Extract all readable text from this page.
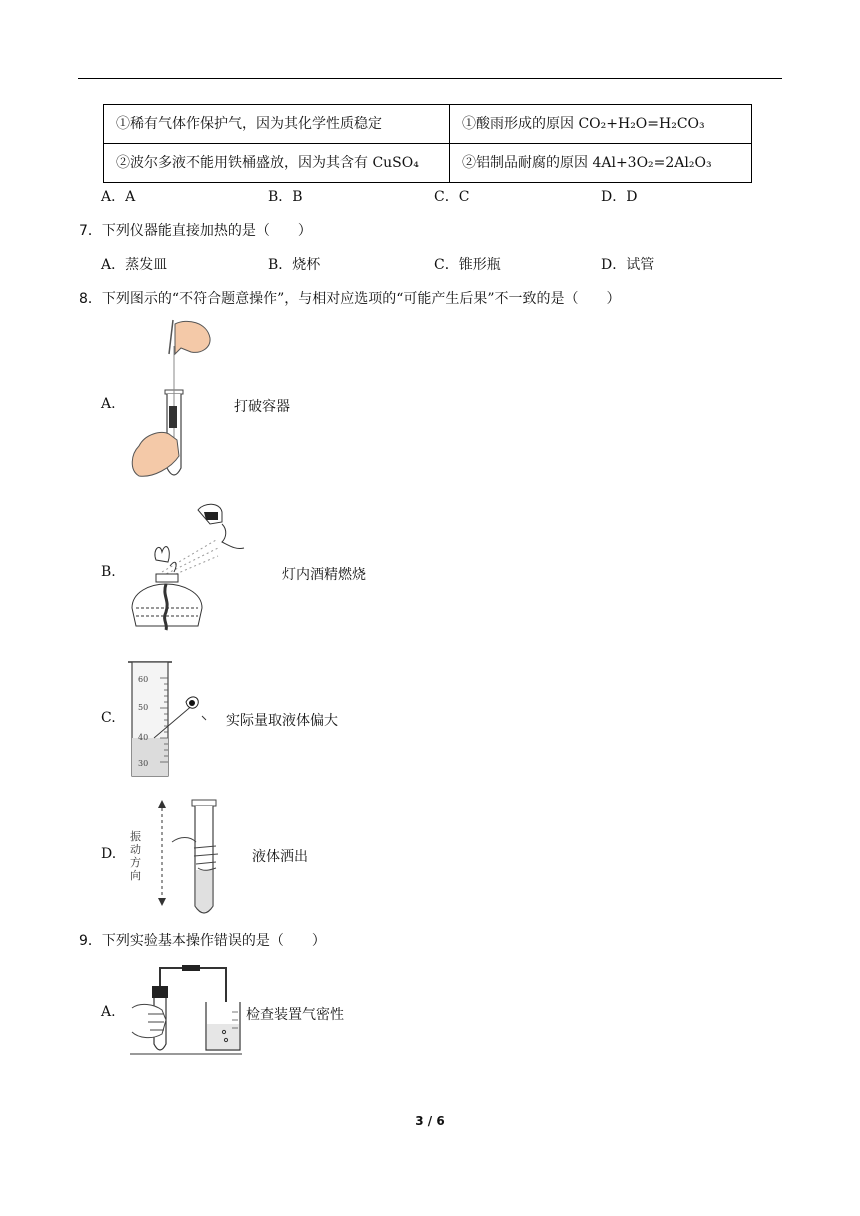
①稀有气体作保护气，因为其化学性质稳定	①酸雨形成的原因 CO₂+H₂O=H₂CO₃
②波尔多液不能用铁桶盛放，因为其含有 CuSO₄	②铝制品耐腐的原因 4Al+3O₂=2Al₂O₃
A．A	B．B	C．C	D．D
7．下列仪器能直接加热的是（　　）
A．蒸发皿	B．烧杯	C．锥形瓶	D．试管
8．下列图示的“不符合题意操作”，与相对应选项的“可能产生后果”不一致的是（　　）
A.	打破容器
B.	灯内酒精燃烧
C.
60
50
40
30
实际量取液体偏大
D.
振动方向
液体洒出
9．下列实验基本操作错误的是（　　）
A.	检查装置气密性
3 / 6
